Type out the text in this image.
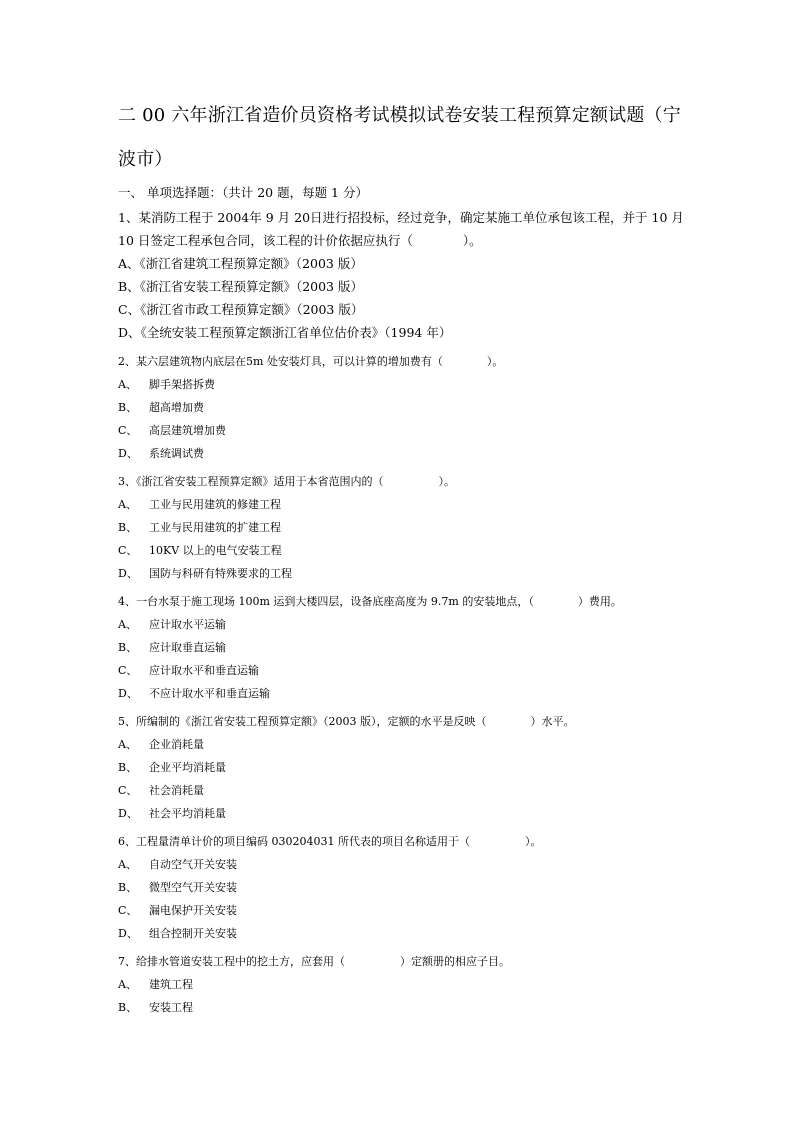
二 00 六年浙江省造价员资格考试模拟试卷安装工程预算定额试题（宁波市）
一、 单项选择题：（共计 20 题，每题 1 分）
1、某消防工程于 2004年 9 月 20日进行招投标，经过竞争，确定某施工单位承包该工程，并于 10 月10 日签定工程承包合同，该工程的计价依据应执行（　　　　）。
A、《浙江省建筑工程预算定额》（2003 版）
B、《浙江省安装工程预算定额》（2003 版）
C、《浙江省市政工程预算定额》（2003 版）
D、《全统安装工程预算定额浙江省单位估价表》（1994 年）
2、某六层建筑物内底层在5m 处安装灯具，可以计算的增加费有（　　　　）。
A、 脚手架搭拆费
B、 超高增加费
C、 高层建筑增加费
D、 系统调试费
3、《浙江省安装工程预算定额》适用于本省范围内的（　　　　　）。
A、 工业与民用建筑的修建工程
B、 工业与民用建筑的扩建工程
C、 10KV 以上的电气安装工程
D、 国防与科研有特殊要求的工程
4、一台水泵于施工现场 100m 运到大楼四层，设备底座高度为 9.7m 的安装地点，（　　　　）费用。
A、 应计取水平运输
B、 应计取垂直运输
C、 应计取水平和垂直运输
D、 不应计取水平和垂直运输
5、所编制的《浙江省安装工程预算定额》（2003 版），定额的水平是反映（　　　　）水平。
A、 企业消耗量
B、 企业平均消耗量
C、 社会消耗量
D、 社会平均消耗量
6、工程量清单计价的项目编码 030204031 所代表的项目名称适用于（　　　　　）。
A、 自动空气开关安装
B、 微型空气开关安装
C、 漏电保护开关安装
D、 组合控制开关安装
7、给排水管道安装工程中的挖土方，应套用（　　　　　）定额册的相应子目。
A、 建筑工程
B、 安装工程
